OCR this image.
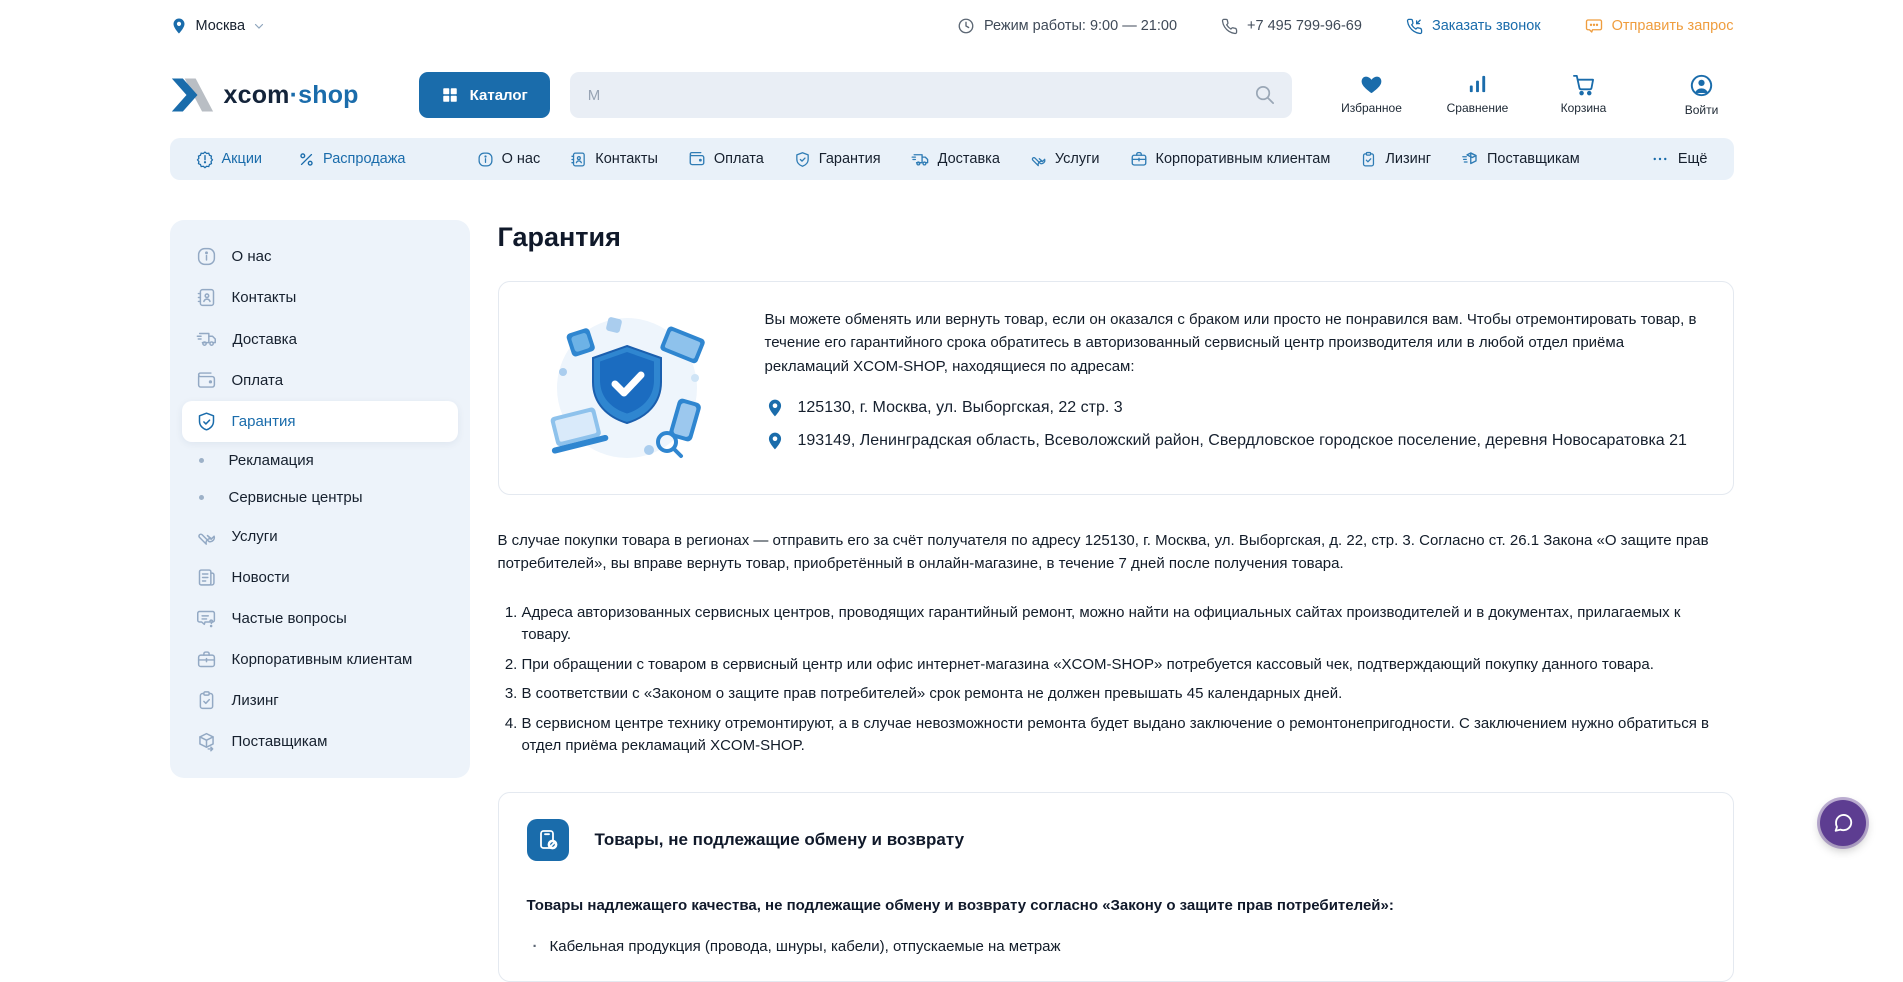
Москва	Режим работы: 9:00 — 21:00	+7 495 799-96-69	Заказать звонок	Отправить запрос
xcom·shop	Каталог
М
Избранное	Сравнение	Корзина	Войти
Акции	Распродажа	О нас	Контакты	Оплата	Гарантия	Доставка	Услуги	Корпоративным клиентам	Лизинг	Поставщикам	Ещё
О нас
Контакты
Доставка
Оплата
Гарантия
Рекламация
Сервисные центры
Услуги
Новости
Частые вопросы
Корпоративным клиентам
Лизинг
Поставщикам
Гарантия
Вы можете обменять или вернуть товар, если он оказался с браком или просто не понравился вам. Чтобы отремонтировать товар, в течение его гарантийного срока обратитесь в авторизованный сервисный центр производителя или в любой отдел приёма рекламаций XCOM-SHOP, находящиеся по адресам:
125130, г. Москва, ул. Выборгская, 22 стр. 3
193149, Ленинградская область, Всеволожский район, Свердловское городское поселение, деревня Новосаратовка 21

В случае покупки товара в регионах — отправить его за счёт получателя по адресу 125130, г. Москва, ул. Выборгская, д. 22, стр. 3. Согласно ст. 26.1 Закона «О защите прав потребителей», вы вправе вернуть товар, приобретённый в онлайн-магазине, в течение 7 дней после получения товара.

1. Адреса авторизованных сервисных центров, проводящих гарантийный ремонт, можно найти на официальных сайтах производителей и в документах, прилагаемых к товару.
2. При обращении с товаром в сервисный центр или офис интернет-магазина «XCOM-SHOP» потребуется кассовый чек, подтверждающий покупку данного товара.
3. В соответствии с «Законом о защите прав потребителей» срок ремонта не должен превышать 45 календарных дней.
4. В сервисном центре технику отремонтируют, а в случае невозможности ремонта будет выдано заключение о ремонтонепригодности. С заключением нужно обратиться в отдел приёма рекламаций XCOM-SHOP.
Товары, не подлежащие обмену и возврату
Товары надлежащего качества, не подлежащие обмену и возврату согласно «Закону о защите прав потребителей»:
· Кабельная продукция (провода, шнуры, кабели), отпускаемые на метраж
